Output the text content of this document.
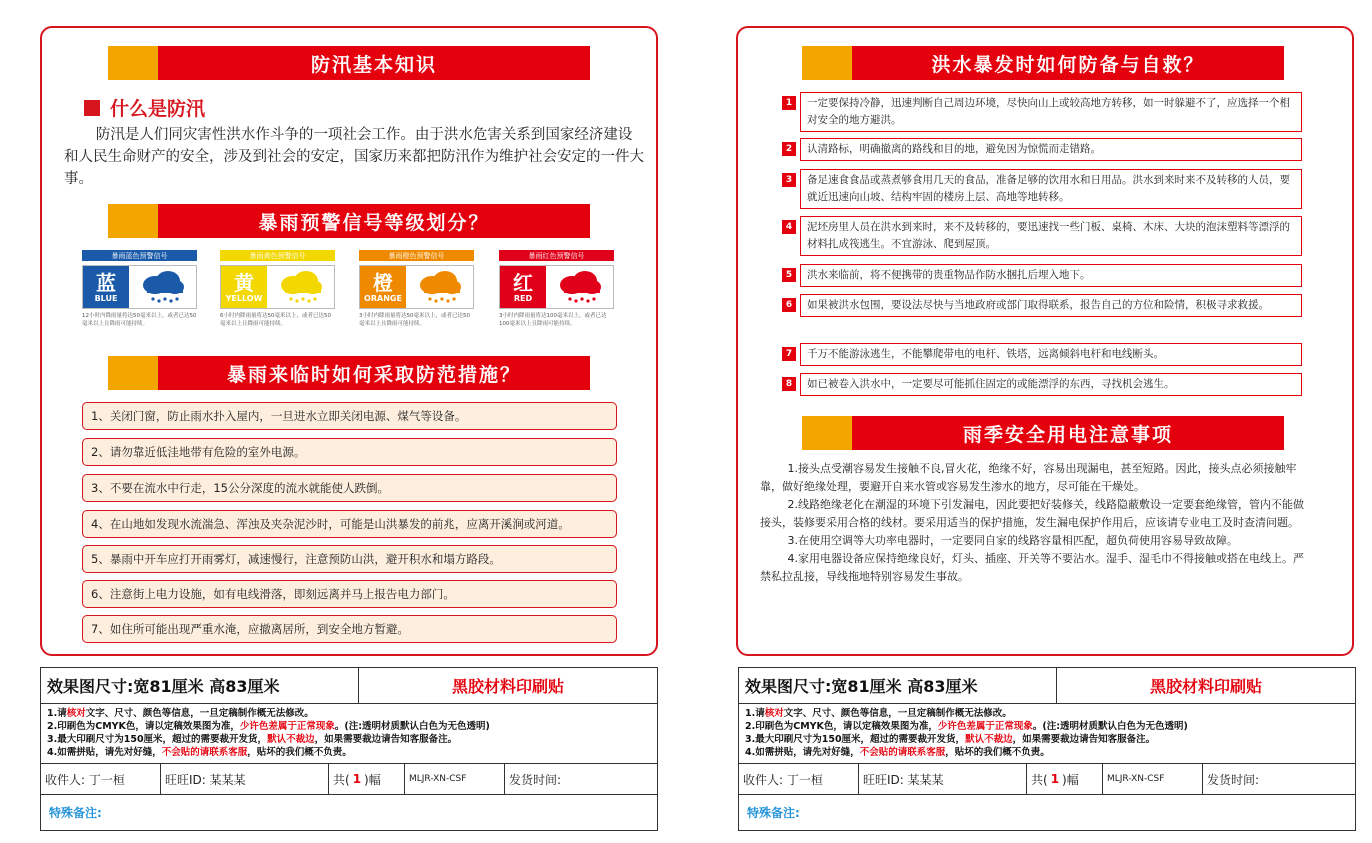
防汛基本知识
什么是防汛
防汛是人们同灾害性洪水作斗争的一项社会工作。由于洪水危害关系到国家经济建设和人民生命财产的安全，涉及到社会的安定，国家历来都把防汛作为维护社会安定的一件大事。
暴雨预警信号等级划分？
暴雨蓝色预警信号
蓝
BLUE
12小时内降雨量将达50毫米以上，或者已达50毫米以上且降雨可能持续。
暴雨黄色预警信号
黄
YELLOW
6小时内降雨量将达50毫米以上，或者已达50毫米以上且降雨可能持续。
暴雨橙色预警信号
橙
ORANGE
3小时内降雨量将达50毫米以上，或者已达50毫米以上且降雨可能持续。
暴雨红色预警信号
红
RED
3小时内降雨量将达100毫米以上，或者已达100毫米以上且降雨可能持续。
暴雨来临时如何采取防范措施？
1、关闭门窗，防止雨水扑入屋内，一旦进水立即关闭电源、煤气等设备。
2、请勿靠近低洼地带有危险的室外电源。
3、不要在流水中行走，15公分深度的流水就能使人跌倒。
4、在山地如发现水流湍急、浑浊及夹杂泥沙时，可能是山洪暴发的前兆，应离开溪涧或河道。
5、暴雨中开车应打开雨雾灯，减速慢行，注意预防山洪，避开积水和塌方路段。
6、注意街上电力设施，如有电线滑落，即刻远离并马上报告电力部门。
7、如住所可能出现严重水淹，应撤离居所，到安全地方暂避。
洪水暴发时如何防备与自救？
1	一定要保持冷静，迅速判断自己周边环境，尽快向山上或较高地方转移，如一时躲避不了，应选择一个相对安全的地方避洪。
2	认清路标，明确撤离的路线和目的地，避免因为惊慌而走错路。
3	备足速食食品或蒸煮够食用几天的食品，准备足够的饮用水和日用品。洪水到来时来不及转移的人员，要就近迅速向山坡、结构牢固的楼房上层、高地等地转移。
4	泥坯房里人员在洪水到来时，来不及转移的，要迅速找一些门板、桌椅、木床、大块的泡沫塑料等漂浮的材料扎成筏逃生。不宜游泳、爬到屋顶。
5	洪水来临前，将不便携带的贵重物品作防水捆扎后埋入地下。
6	如果被洪水包围，要设法尽快与当地政府或部门取得联系，报告自己的方位和险情，积极寻求救援。
7	千万不能游泳逃生，不能攀爬带电的电杆、铁塔，远离倾斜电杆和电线断头。
8	如已被卷入洪水中，一定要尽可能抓住固定的或能漂浮的东西，寻找机会逃生。
雨季安全用电注意事项

1.接头点受潮容易发生接触不良,冒火花，绝缘不好，容易出现漏电，甚至短路。因此，接头点必须接触牢靠，做好绝缘处理，要避开自来水管或容易发生渗水的地方，尽可能在干燥处。

2.线路绝缘老化在潮湿的环境下引发漏电，因此要把好装修关，线路隐蔽敷设一定要套绝缘管，管内不能做接头，装修要采用合格的线材。要采用适当的保护措施，发生漏电保护作用后，应该请专业电工及时查清问题。

3.在使用空调等大功率电器时，一定要同自家的线路容量相匹配，超负荷使用容易导致故障。

4.家用电器设备应保持绝缘良好，灯头、插座、开关等不要沾水。湿手、湿毛巾不得接触或搭在电线上。严禁私拉乱接，导线拖地特别容易发生事故。

效果图尺寸:宽81厘米 高83厘米	黑胶材料印刷贴
1.请核对文字、尺寸、颜色等信息，一旦定稿制作概无法修改。
2.印刷色为CMYK色，请以定稿效果图为准，少许色差属于正常现象。(注:透明材质默认白色为无色透明)
3.最大印刷尺寸为150厘米，超过的需要裁开发货，默认不裁边，如果需要裁边请告知客服备注。
4.如需拼贴，请先对好缝，不会贴的请联系客服，贴坏的我们概不负责。
收件人: 丁一桓	旺旺ID: 某某某	共( 1 )幅	MLJR-XN-CSF	发货时间:
特殊备注:
效果图尺寸:宽81厘米 高83厘米	黑胶材料印刷贴
1.请核对文字、尺寸、颜色等信息，一旦定稿制作概无法修改。
2.印刷色为CMYK色，请以定稿效果图为准，少许色差属于正常现象。(注:透明材质默认白色为无色透明)
3.最大印刷尺寸为150厘米，超过的需要裁开发货，默认不裁边，如果需要裁边请告知客服备注。
4.如需拼贴，请先对好缝，不会贴的请联系客服，贴坏的我们概不负责。
收件人: 丁一桓	旺旺ID: 某某某	共( 1 )幅	MLJR-XN-CSF	发货时间:
特殊备注:
